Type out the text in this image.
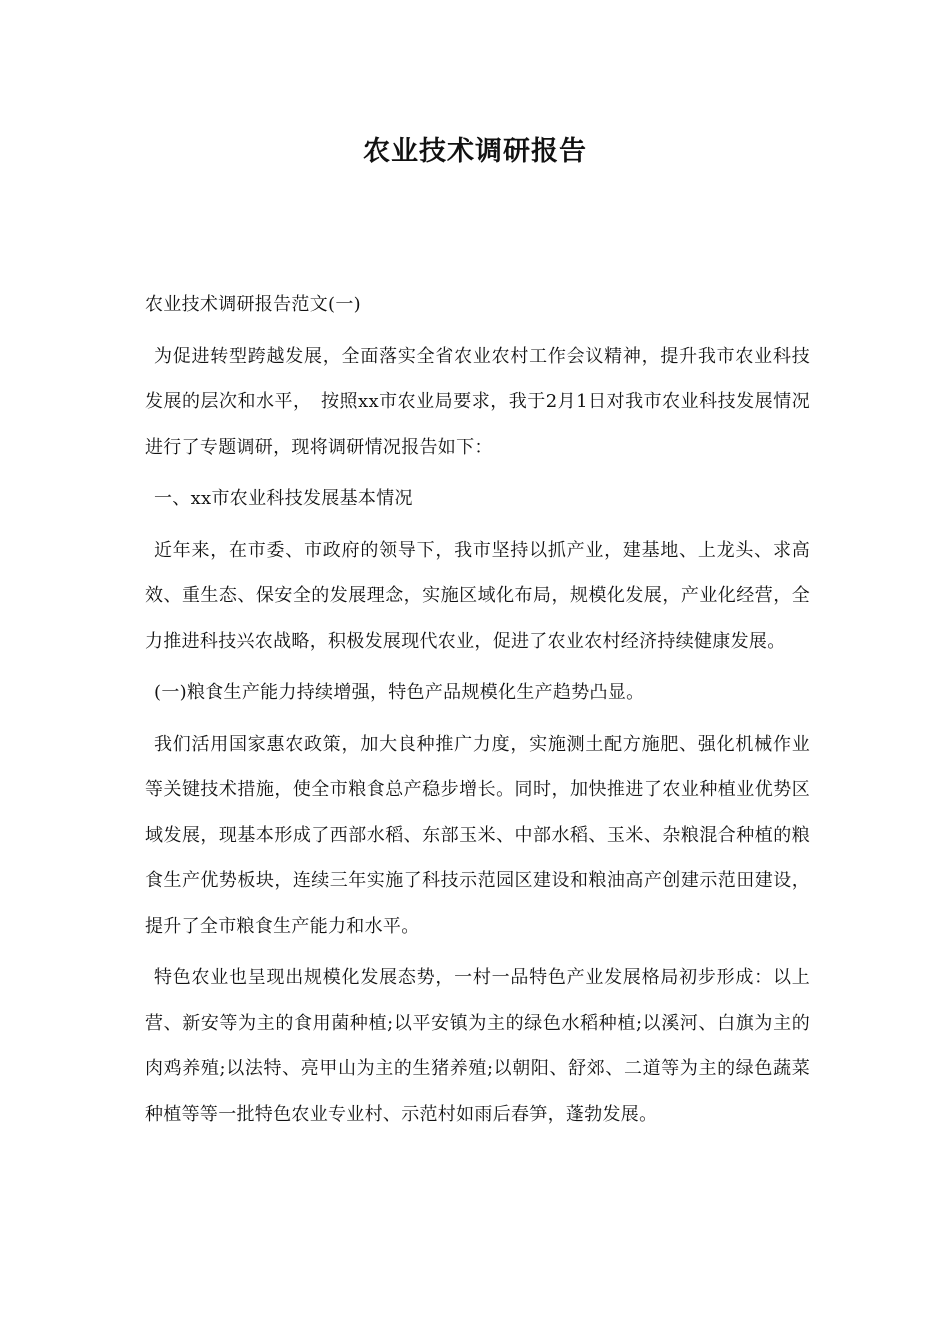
农业技术调研报告

农业技术调研报告范文(一)

为促进转型跨越发展，全面落实全省农业农村工作会议精神，提升我市农业科技发展的层次和水平，　按照xx市农业局要求，我于2月1日对我市农业科技发展情况进行了专题调研，现将调研情况报告如下：

一、xx市农业科技发展基本情况

近年来，在市委、市政府的领导下，我市坚持以抓产业，建基地、上龙头、求高效、重生态、保安全的发展理念，实施区域化布局，规模化发展，产业化经营，全力推进科技兴农战略，积极发展现代农业，促进了农业农村经济持续健康发展。

(一)粮食生产能力持续增强，特色产品规模化生产趋势凸显。

我们活用国家惠农政策，加大良种推广力度，实施测土配方施肥、强化机械作业等关键技术措施，使全市粮食总产稳步增长。同时，加快推进了农业种植业优势区域发展，现基本形成了西部水稻、东部玉米、中部水稻、玉米、杂粮混合种植的粮食生产优势板块，连续三年实施了科技示范园区建设和粮油高产创建示范田建设，提升了全市粮食生产能力和水平。

特色农业也呈现出规模化发展态势，一村一品特色产业发展格局初步形成：以上营、新安等为主的食用菌种植;以平安镇为主的绿色水稻种植;以溪河、白旗为主的肉鸡养殖;以法特、亮甲山为主的生猪养殖;以朝阳、舒郊、二道等为主的绿色蔬菜种植等等一批特色农业专业村、示范村如雨后春笋，蓬勃发展。
